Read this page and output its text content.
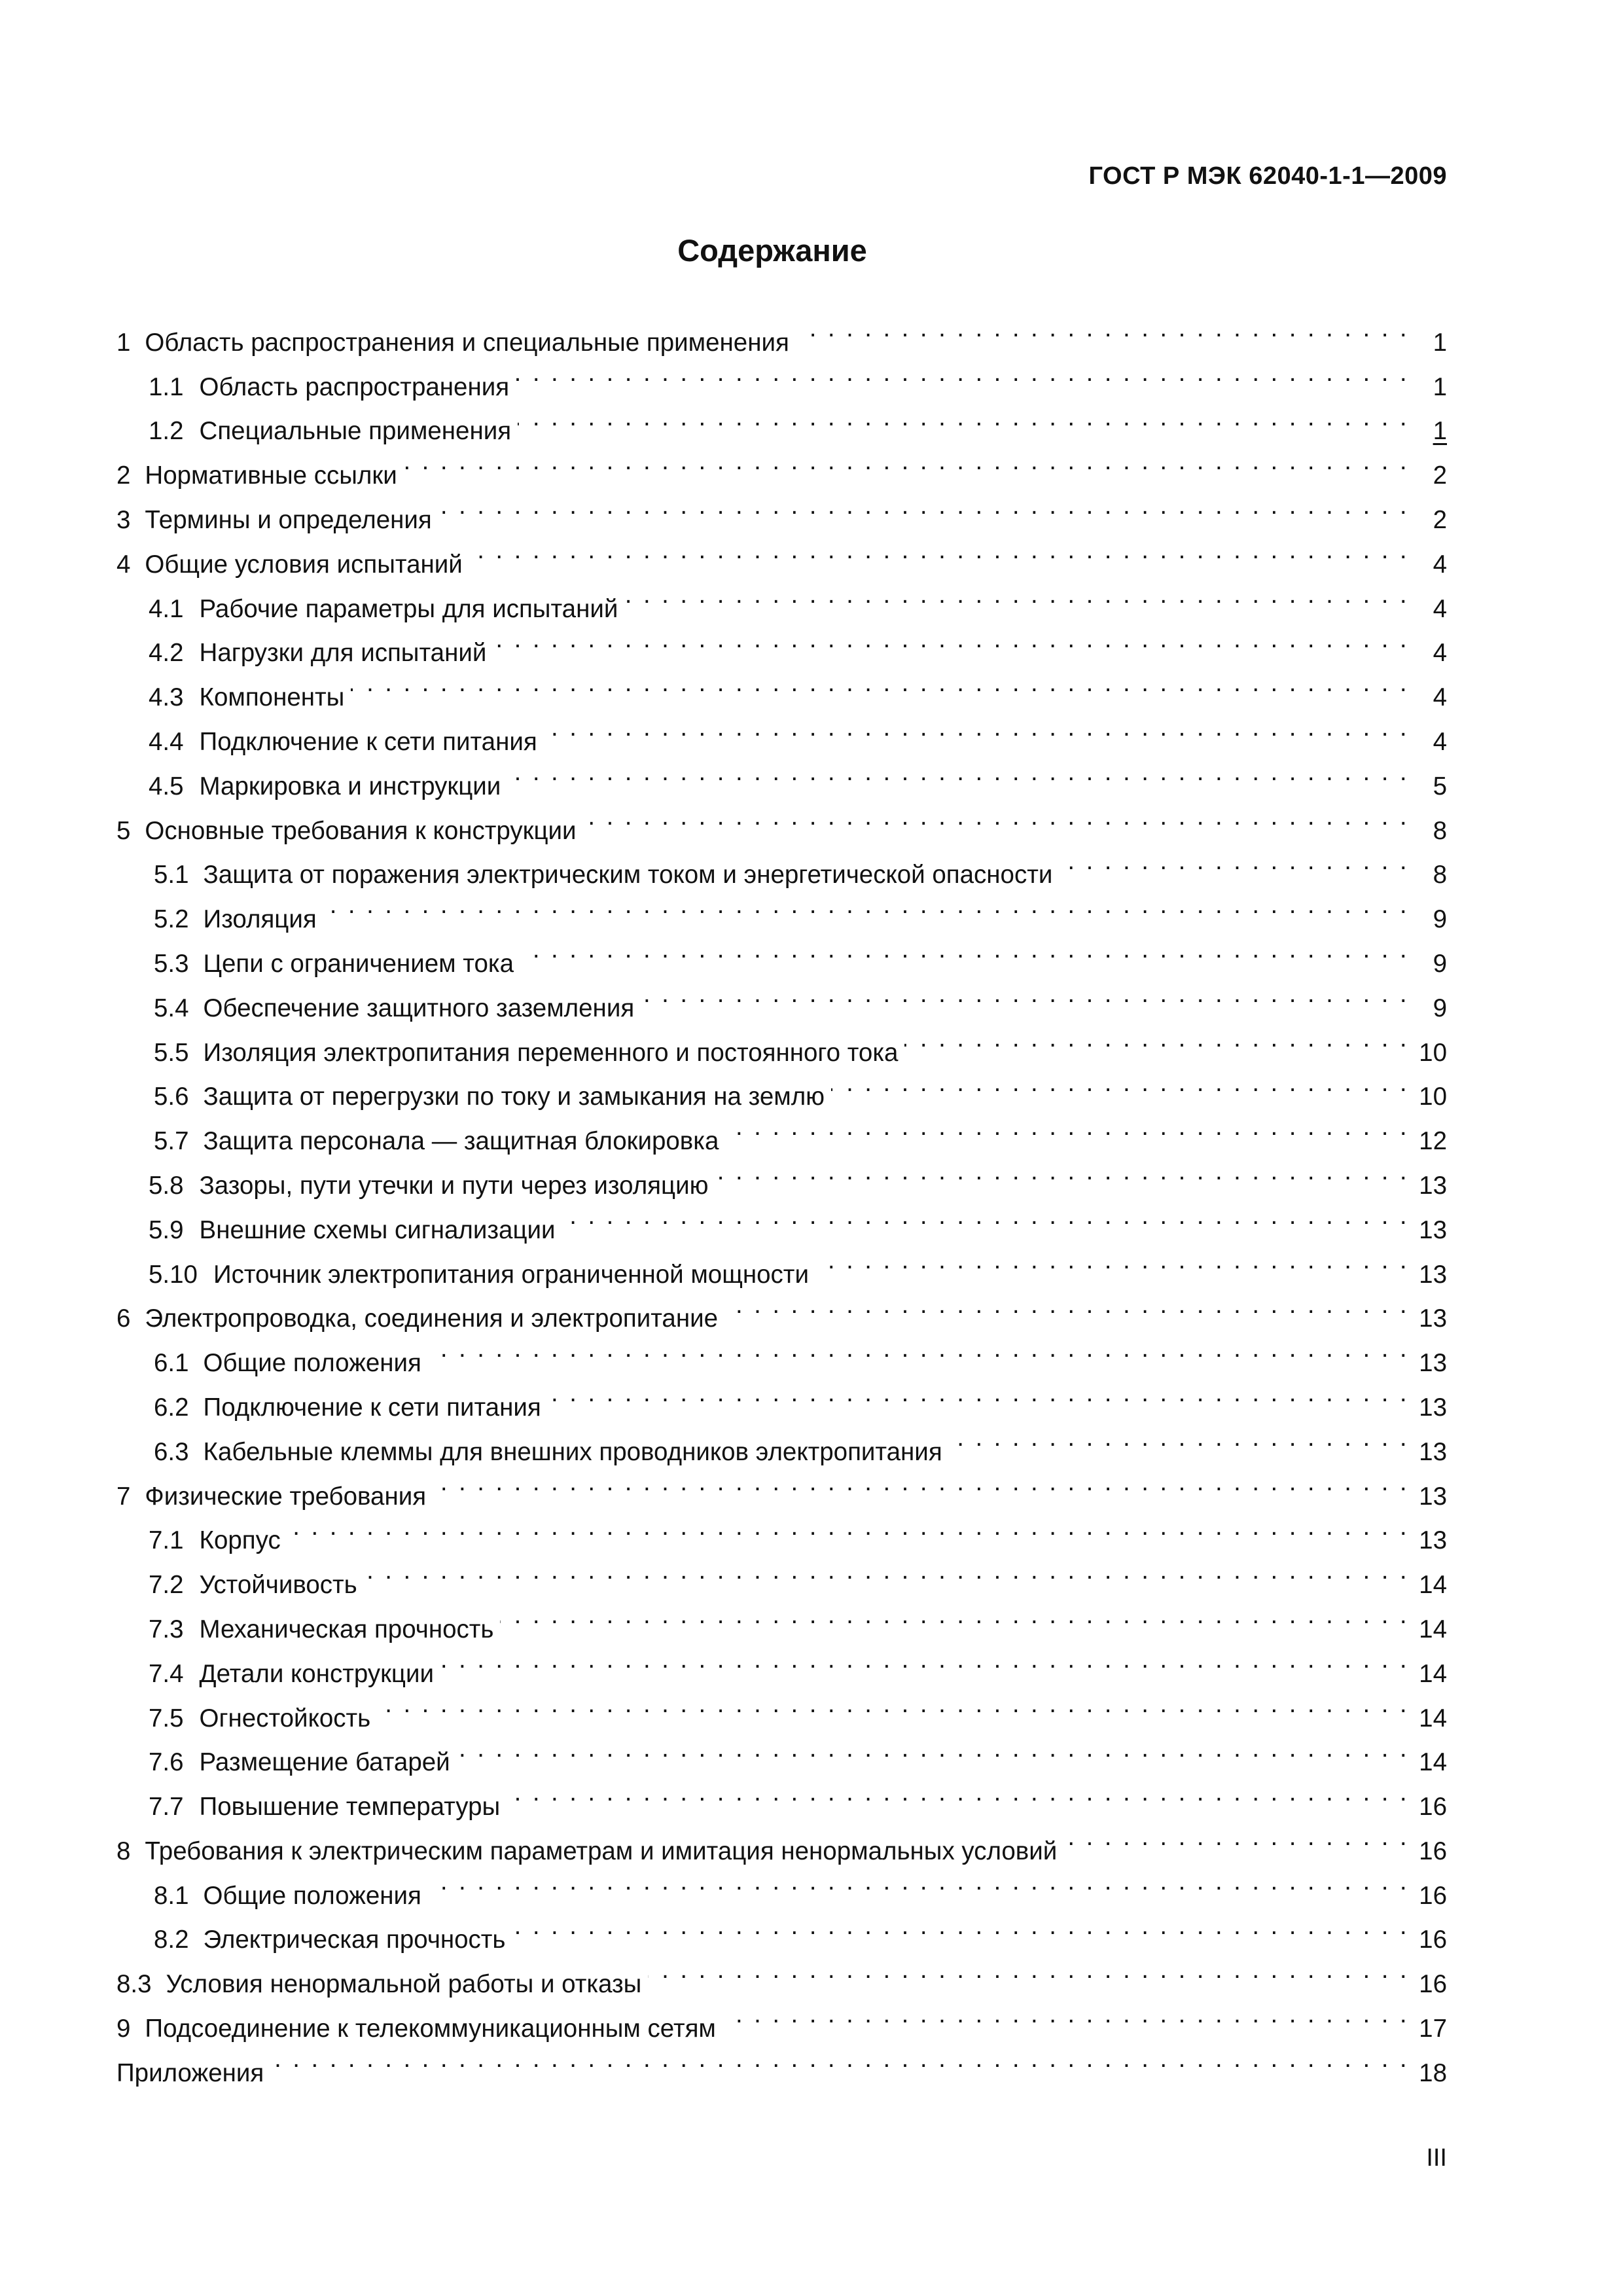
ГОСТ Р МЭК 62040-1-1—2009
Содержание
1 Область распространения и специальные применения . . .	1
1.1 Область распространения . . .	1
1.2 Специальные применения . . .	1
2 Нормативные ссылки . . .	2
3 Термины и определения . . .	2
4 Общие условия испытаний . . .	4
4.1 Рабочие параметры для испытаний . . .	4
4.2 Нагрузки для испытаний . . .	4
4.3 Компоненты . . .	4
4.4 Подключение к сети питания . . .	4
4.5 Маркировка и инструкции . . .	5
5 Основные требования к конструкции . . .	8
5.1 Защита от поражения электрическим током и энергетической опасности . . .	8
5.2 Изоляция . . .	9
5.3 Цепи с ограничением тока . . .	9
5.4 Обеспечение защитного заземления . . .	9
5.5 Изоляция электропитания переменного и постоянного тока . . .	10
5.6 Защита от перегрузки по току и замыкания на землю . . .	10
5.7 Защита персонала — защитная блокировка . . .	12
5.8 Зазоры, пути утечки и пути через изоляцию . . .	13
5.9 Внешние схемы сигнализации . . .	13
5.10 Источник электропитания ограниченной мощности . . .	13
6 Электропроводка, соединения и электропитание . . .	13
6.1 Общие положения . . .	13
6.2 Подключение к сети питания . . .	13
6.3 Кабельные клеммы для внешних проводников электропитания . . .	13
7 Физические требования . . .	13
7.1 Корпус . . .	13
7.2 Устойчивость . . .	14
7.3 Механическая прочность . . .	14
7.4 Детали конструкции . . .	14
7.5 Огнестойкость . . .	14
7.6 Размещение батарей . . .	14
7.7 Повышение температуры . . .	16
8 Требования к электрическим параметрам и имитация ненормальных условий . . .	16
8.1 Общие положения . . .	16
8.2 Электрическая прочность . . .	16
8.3 Условия ненормальной работы и отказы . . .	16
9 Подсоединение к телекоммуникационным сетям . . .	17
Приложения . . .	18
III
